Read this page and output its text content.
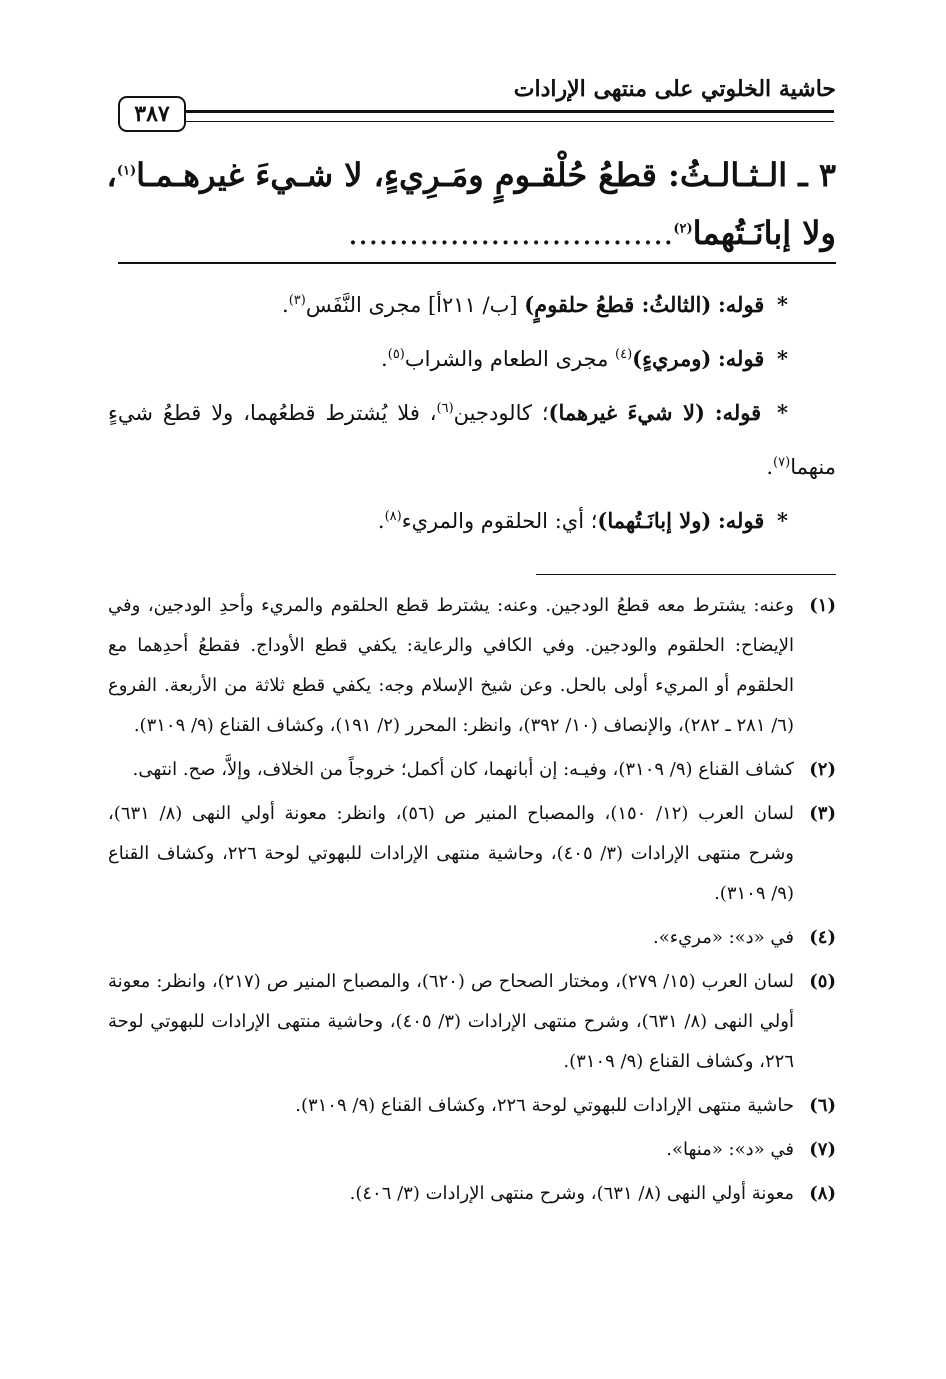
حاشية الخلوتي على منتهى الإرادات
٣٨٧
٣ ـ الـثـالـثُ: قطعُ حُلْقـومٍ ومَـرِيءٍ، لا شـيءَ غيرهـمـا$^{(١)}$،
ولا إبانَـتُهما$^{(٢)}$................................
* قوله: (الثالثُ: قطعُ حلقومٍ) [ب/ ٢١١أ] مجرى النَّفَس$^{(٣)}$.
* قوله: (ومريءٍ)$^{(٤)}$ مجرى الطعام والشراب$^{(٥)}$.
* قوله: (لا شيءَ غيرهما)؛ كالودجين$^{(٦)}$، فلا يُشترط قطعُهما، ولا قطعُ شيءٍ منهما$^{(٧)}$.
* قوله: (ولا إبانَـتُهما)؛ أي: الحلقوم والمريء$^{(٨)}$.
(١)
وعنه: يشترط معه قطعُ الودجين. وعنه: يشترط قطع الحلقوم والمريء وأحدِ الودجين، وفي الإيضاح: الحلقوم والودجين. وفي الكافي والرعاية: يكفي قطع الأوداج. فقطعُ أحدِهما مع الحلقوم أو المريء أولى بالحل. وعن شيخ الإسلام وجه: يكفي قطع ثلاثة من الأربعة. الفروع (٦/ ٢٨١ ـ ٢٨٢)، والإنصاف (١٠/ ٣٩٢)، وانظر: المحرر (٢/ ١٩١)، وكشاف القناع (٩/ ٣١٠٩).
(٢)
كشاف القناع (٩/ ٣١٠٩)، وفيـه: إن أبانهما، كان أكمل؛ خروجاً من الخلاف، وإلاَّ، صح. انتهى.
(٣)
لسان العرب (١٢/ ١٥٠)، والمصباح المنير ص (٥٦)، وانظر: معونة أولي النهى (٨/ ٦٣١)، وشرح منتهى الإرادات (٣/ ٤٠٥)، وحاشية منتهى الإرادات للبهوتي لوحة ٢٢٦، وكشاف القناع (٩/ ٣١٠٩).
(٤)
في «د»: «مريء».
(٥)
لسان العرب (١٥/ ٢٧٩)، ومختار الصحاح ص (٦٢٠)، والمصباح المنير ص (٢١٧)، وانظر: معونة أولي النهى (٨/ ٦٣١)، وشرح منتهى الإرادات (٣/ ٤٠٥)، وحاشية منتهى الإرادات للبهوتي لوحة ٢٢٦، وكشاف القناع (٩/ ٣١٠٩).
(٦)
حاشية منتهى الإرادات للبهوتي لوحة ٢٢٦، وكشاف القناع (٩/ ٣١٠٩).
(٧)
في «د»: «منها».
(٨)
معونة أولي النهى (٨/ ٦٣١)، وشرح منتهى الإرادات (٣/ ٤٠٦).
